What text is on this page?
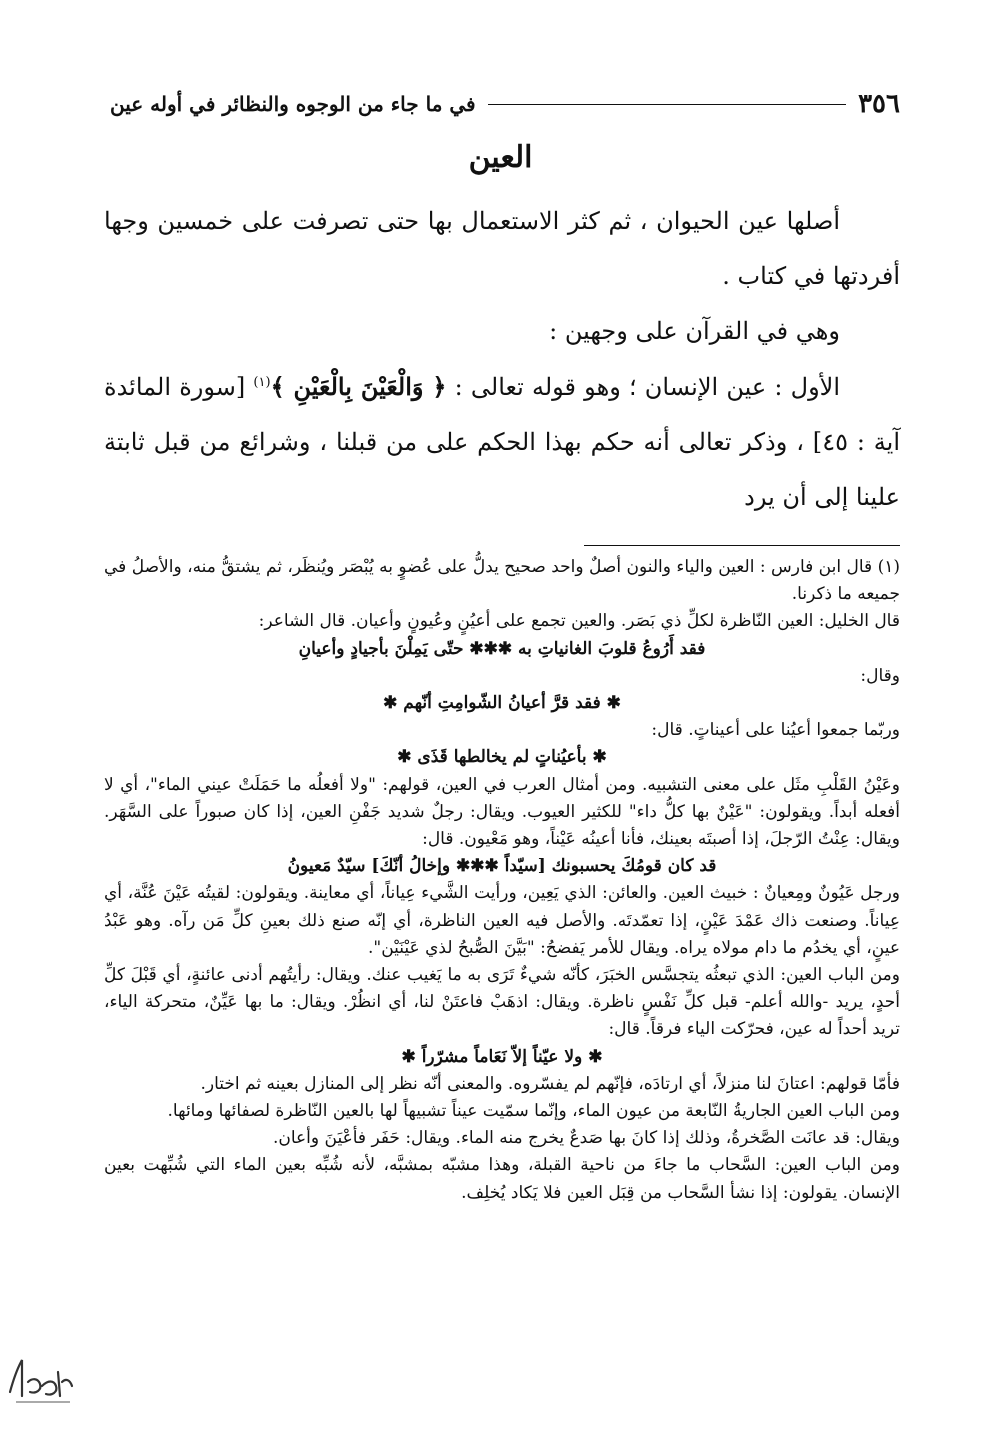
٣٥٦
في ما جاء من الوجوه والنظائر في أوله عين
العين

أصلها عين الحيوان ، ثم كثر الاستعمال بها حتى تصرفت على خمسين وجها أفردتها في كتاب .

وهي في القرآن على وجهين :

الأول : عين الإنسان ؛ وهو قوله تعالى : ﴿ وَالْعَيْنَ بِالْعَيْنِ ﴾$^{(١)}$ [سورة المائدة آية : ٤٥] ، وذكر تعالى أنه حكم بهذا الحكم على من قبلنا ، وشرائع من قبل ثابتة علينا إلى أن يرد

(١) قال ابن فارس : العين والياء والنون أصلٌ واحد صحيح يدلُّ على عُضوٍ به يُبْصَر ويُنظَر، ثم يشتقُّ منه، والأصلُ في جميعه ما ذكرنا.

قال الخليل: العين النّاظرة لكلِّ ذي بَصَر. والعين تجمع على أعيُنٍ وعُيونٍ وأعيان. قال الشاعر:

فقد أَرُوعُ قلوبَ الغانياتِ به ✱✱✱ حتّى يَمِلْنَ بأجيادٍ وأعيانِ

وقال:

✱ فقد قرَّ أعيانُ الشّوامِتِ أنّهم ✱

وربّما جمعوا أعيُنا على أعيناتٍ. قال:

✱ بأعيُناتٍ لم يخالطها قَذَى ✱

وعَيْنُ القَلْبِ مثَل على معنى التشبيه. ومن أمثال العرب في العين، قولهم: "ولا أفعلُه ما حَمَلَتْ عيني الماء"، أي لا أفعله أبداً. ويقولون: "عَيْنٌ بها كلُّ داء" للكثير العيوب. ويقال: رجلٌ شديد جَفْنِ العين، إذا كان صبوراً على السَّهَر. ويقال: عِنْتُ الرّجلَ، إذا أصبتَه بعينك، فأنا أعينُه عَيْناً، وهو مَعْيون. قال:

قد كان قومُكَ يحسبونك [سيّداً ✱✱✱ وإخالُ أنّكَ] سيّدٌ مَعيونُ

ورجل عَيُونٌ ومِعيانٌ : خبيث العين. والعائن: الذي يَعِين، ورأيت الشَّيء عِياناً، أي معاينة. ويقولون: لقيتُه عَيْنَ عُنَّة، أي عِياناً. وصنعت ذاك عَمْدَ عَيْنٍ، إذا تعمّدتَه. والأصل فيه العين الناظرة، أي إنّه صنع ذلك بعينِ كلِّ مَن رآه. وهو عَبْدُ عينٍ، أي يخدُم ما دام مولاه يراه. ويقال للأمر يَفضحُ: "بَيَّنَ الصُّبحُ لذي عَيْنَيْن".

ومن الباب العين: الذي تبعثُه يتجسَّس الخبَرَ، كأنّه شيءٌ تَرَى به ما يَغيب عنك. ويقال: رأيتُهم أدنى عائنةٍ، أي قَبْلَ كلِّ أحدٍ، يريد -والله أعلم- قبل كلِّ نَفْسٍ ناظرة. ويقال: اذهَبْ فاعتَنْ لنا، أي انظُرْ. ويقال: ما بها عَيِّنٌ، متحركة الياء، تريد أحداً له عين، فحرّكت الياء فرقاً. قال:

✱ ولا عيّناً إلاّ نَعَاماً مشرّراً ✱

فأمّا قولهم: اعتانَ لنا منزلاً، أي ارتادَه، فإنّهم لم يفسّروه. والمعنى أنّه نظر إلى المنازل بعينه ثم اختار.

ومن الباب العين الجاريةُ النّابعة من عيون الماء، وإنّما سمّيت عيناً تشبيهاً لها بالعين النّاظرة لصفائها ومائها.

ويقال: قد عانَت الصَّخرةُ، وذلك إذا كانَ بها صَدعٌ يخرج منه الماء. ويقال: حَفَر فأعْيَنَ وأعان.

ومن الباب العين: السَّحاب ما جاءَ من ناحية القبلة، وهذا مشبّه بمشبَّه، لأنه شُبِّه بعين الماء التي شُبِّهت بعين الإنسان. يقولون: إذا نشأ السَّحاب من قِبَل العين فلا يَكاد يُخلِف.
